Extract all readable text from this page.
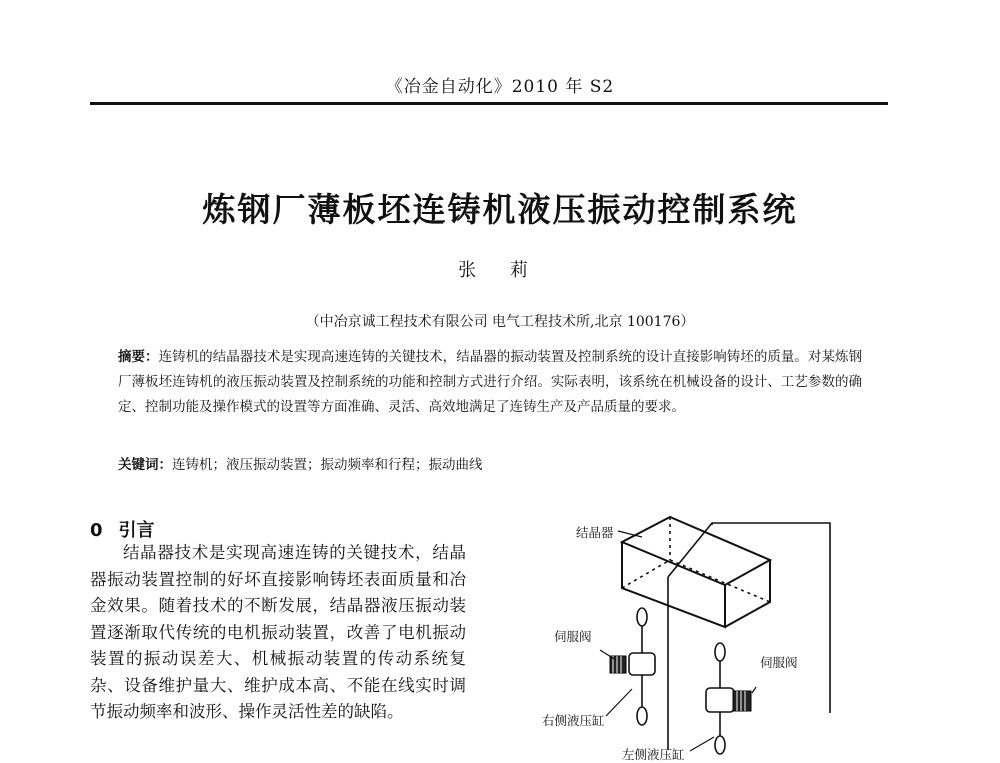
《冶金自动化》2010 年 S2
炼钢厂薄板坯连铸机液压振动控制系统
张 莉
（中冶京诚工程技术有限公司 电气工程技术所,北京 100176）
摘要：连铸机的结晶器技术是实现高速连铸的关键技术，结晶器的振动装置及控制系统的设计直接影响铸坯的质量。对某炼钢厂薄板坯连铸机的液压振动装置及控制系统的功能和控制方式进行介绍。实际表明，该系统在机械设备的设计、工艺参数的确定、控制功能及操作模式的设置等方面准确、灵活、高效地满足了连铸生产及产品质量的要求。
关键词：连铸机；液压振动装置；振动频率和行程；振动曲线
0 引言

结晶器技术是实现高速连铸的关键技术，结晶器振动装置控制的好坏直接影响铸坯表面质量和冶金效果。随着技术的不断发展，结晶器液压振动装置逐渐取代传统的电机振动装置，改善了电机振动装置的振动误差大、机械振动装置的传动系统复杂、设备维护量大、维护成本高、不能在线实时调节振动频率和波形、操作灵活性差的缺陷。

结晶器
伺服阀
伺服阀
右侧液压缸
左侧液压缸
